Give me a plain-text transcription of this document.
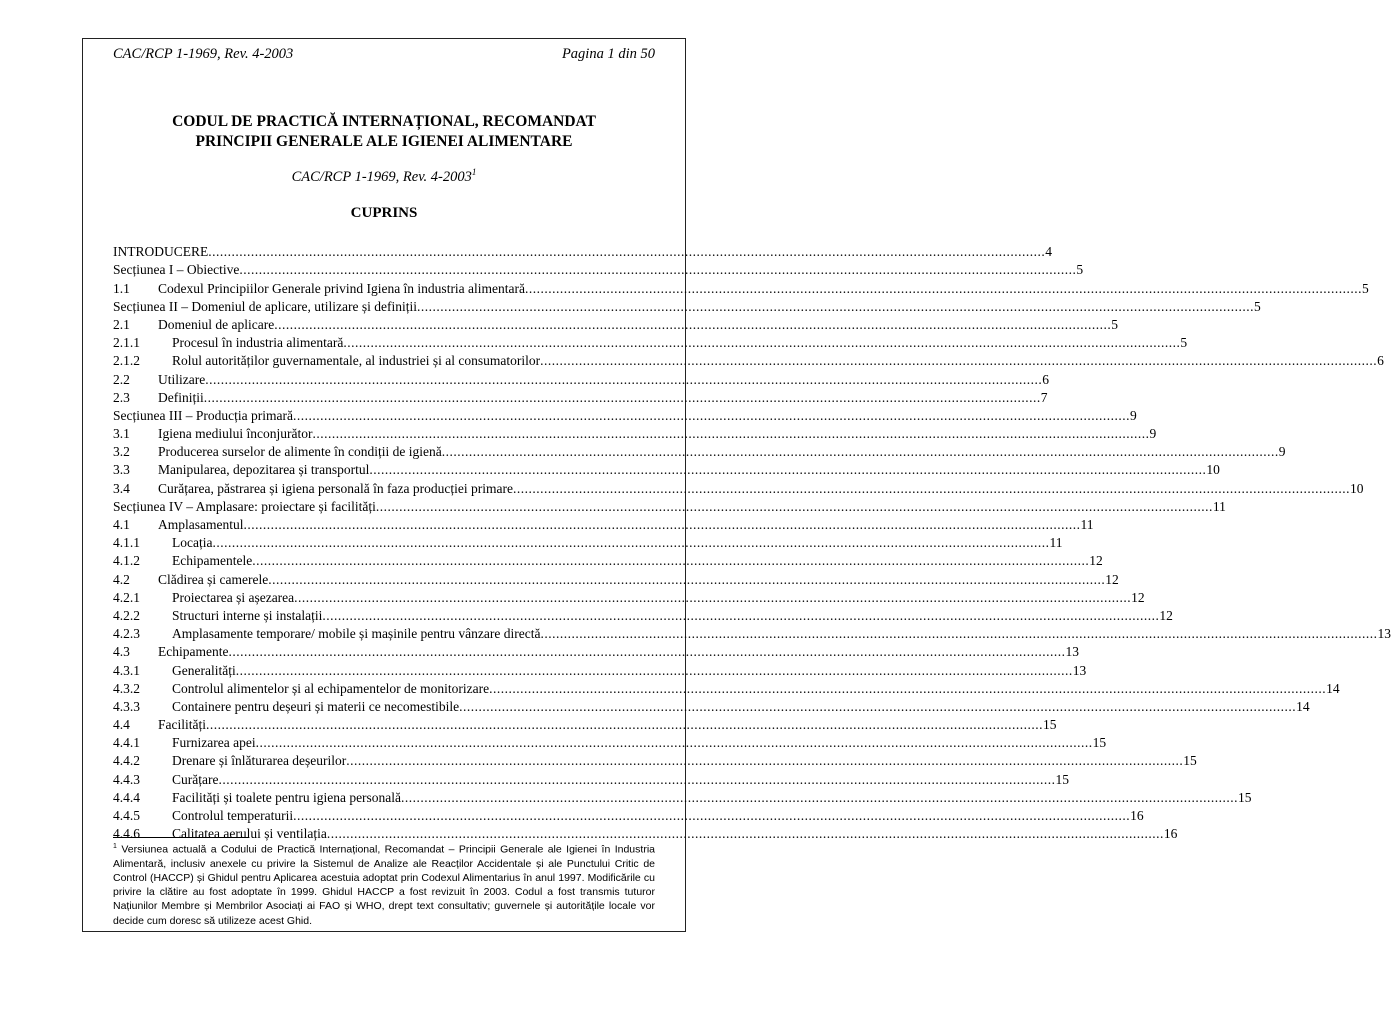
CAC/RCP 1-1969, Rev. 4-2003	Pagina 1 din 50
CODUL DE PRACTICĂ INTERNAȚIONAL, RECOMANDAT
PRINCIPII GENERALE ALE IGIENEI ALIMENTARE
CAC/RCP 1-1969, Rev. 4-2003$^1$
CUPRINS
INTRODUCERE .....	4
Secțiunea I – Obiective .....	5
1.1	Codexul Principiilor Generale privind Igiena în industria alimentară .....	5
Secțiunea II – Domeniul de aplicare, utilizare și definiții .....	5
2.1	Domeniul de aplicare .....	5
2.1.1	Procesul în industria alimentară .....	5
2.1.2	Rolul autorităților guvernamentale, al industriei și al consumatorilor .....	6
2.2	Utilizare .....	6
2.3	Definiții .....	7
Secțiunea III – Producția primară .....	9
3.1	Igiena mediului înconjurător .....	9
3.2	Producerea surselor de alimente în condiții de igienă .....	9
3.3	Manipularea, depozitarea și transportul .....	10
3.4	Curățarea, păstrarea și igiena personală în faza producției primare .....	10
Secțiunea IV – Amplasare: proiectare și facilități .....	11
4.1	Amplasamentul .....	11
4.1.1	Locația .....	11
4.1.2	Echipamentele .....	12
4.2	Clădirea și camerele .....	12
4.2.1	Proiectarea și așezarea .....	12
4.2.2	Structuri interne și instalații .....	12
4.2.3	Amplasamente temporare/ mobile și mașinile pentru vânzare directă .....	13
4.3	Echipamente .....	13
4.3.1	Generalități .....	13
4.3.2	Controlul alimentelor și al echipamentelor de monitorizare .....	14
4.3.3	Containere pentru deșeuri și materii ce necomestibile .....	14
4.4	Facilități .....	15
4.4.1	Furnizarea apei .....	15
4.4.2	Drenare și înlăturarea deșeurilor .....	15
4.4.3	Curățare .....	15
4.4.4	Facilități și toalete pentru igiena personală .....	15
4.4.5	Controlul temperaturii .....	16
4.4.6	Calitatea aerului și ventilația .....	16
$^1$ Versiunea actuală a Codului de Practică Internațional, Recomandat – Principii Generale ale Igienei în Industria Alimentară, inclusiv anexele cu privire la Sistemul de Analize ale Reacților Accidentale și ale Punctului Critic de Control (HACCP) și Ghidul pentru Aplicarea acestuia adoptat prin Codexul Alimentarius în anul 1997. Modificările cu privire la clătire au fost adoptate în 1999. Ghidul HACCP a fost revizuit în 2003. Codul a fost transmis tuturor Națiunilor Membre și Membrilor Asociați ai FAO și WHO, drept text consultativ; guvernele și autoritățile locale vor decide cum doresc să utilizeze acest Ghid.
